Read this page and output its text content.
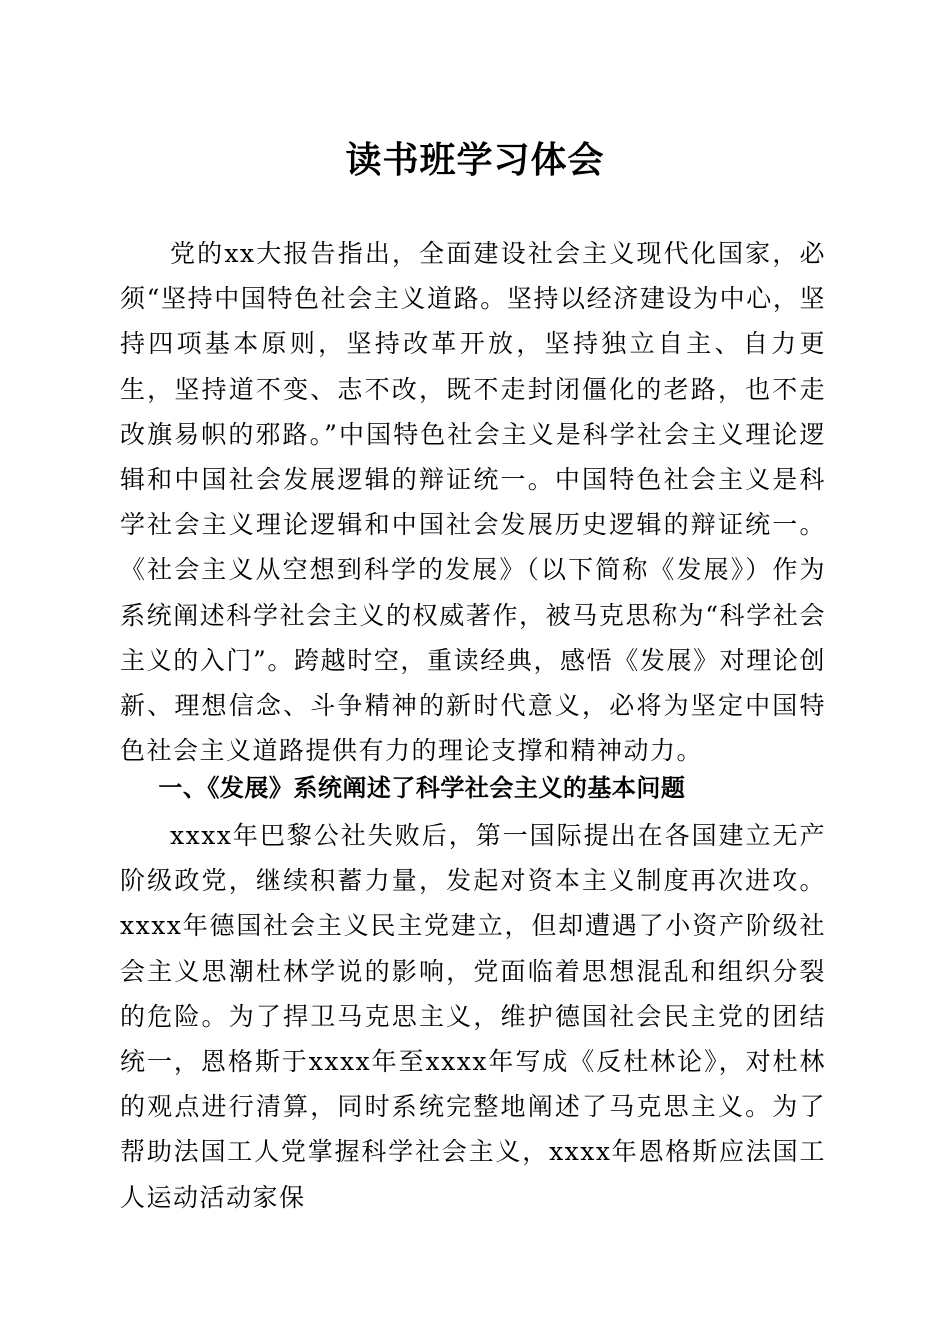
读书班学习体会

党的xx大报告指出，全面建设社会主义现代化国家，必须“坚持中国特色社会主义道路。坚持以经济建设为中心，坚持四项基本原则，坚持改革开放，坚持独立自主、自力更生，坚持道不变、志不改，既不走封闭僵化的老路，也不走改旗易帜的邪路。”中国特色社会主义是科学社会主义理论逻辑和中国社会发展逻辑的辩证统一。中国特色社会主义是科学社会主义理论逻辑和中国社会发展历史逻辑的辩证统一。《社会主义从空想到科学的发展》（以下简称《发展》）作为系统阐述科学社会主义的权威著作，被马克思称为“科学社会主义的入门”。跨越时空，重读经典，感悟《发展》对理论创新、理想信念、斗争精神的新时代意义，必将为坚定中国特色社会主义道路提供有力的理论支撑和精神动力。

一、《发展》系统阐述了科学社会主义的基本问题

xxxx年巴黎公社失败后，第一国际提出在各国建立无产阶级政党，继续积蓄力量，发起对资本主义制度再次进攻。xxxx年德国社会主义民主党建立，但却遭遇了小资产阶级社会主义思潮杜林学说的影响，党面临着思想混乱和组织分裂的危险。为了捍卫马克思主义，维护德国社会民主党的团结统一，恩格斯于xxxx年至xxxx年写成《反杜林论》，对杜林的观点进行清算，同时系统完整地阐述了马克思主义。为了帮助法国工人党掌握科学社会主义，xxxx年恩格斯应法国工人运动活动家保
